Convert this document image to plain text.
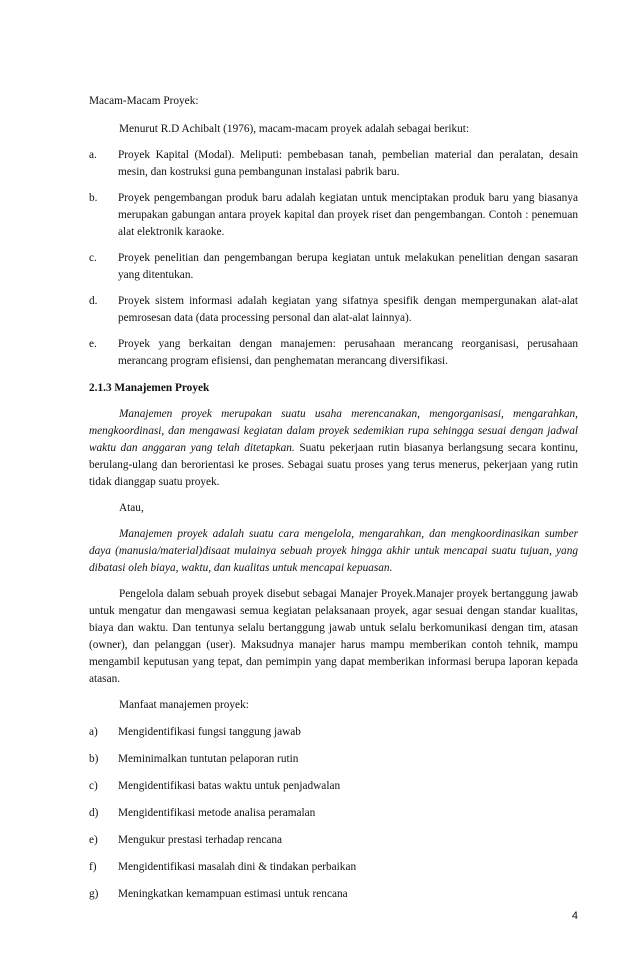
Macam-Macam Proyek:

Menurut R.D Achibalt (1976), macam-macam proyek adalah sebagai berikut:

a.	Proyek Kapital (Modal). Meliputi: pembebasan tanah, pembelian material dan peralatan, desain mesin, dan kostruksi guna pembangunan instalasi pabrik baru.
b.	Proyek pengembangan produk baru adalah kegiatan untuk menciptakan produk baru yang biasanya merupakan gabungan antara proyek kapital dan proyek riset dan pengembangan. Contoh : penemuan alat elektronik karaoke.
c.	Proyek penelitian dan pengembangan berupa kegiatan untuk melakukan penelitian dengan sasaran yang ditentukan.
d.	Proyek sistem informasi adalah kegiatan yang sifatnya spesifik dengan mempergunakan alat-alat pemrosesan data (data processing personal dan alat-alat lainnya).
e.	Proyek yang berkaitan dengan manajemen: perusahaan merancang reorganisasi, perusahaan merancang program efisiensi, dan penghematan merancang diversifikasi.

2.1.3 Manajemen Proyek

Manajemen proyek merupakan suatu usaha merencanakan, mengorganisasi, mengarahkan, mengkoordinasi, dan mengawasi kegiatan dalam proyek sedemikian rupa sehingga sesuai dengan jadwal waktu dan anggaran yang telah ditetapkan. Suatu pekerjaan rutin biasanya berlangsung secara kontinu, berulang-ulang dan berorientasi ke proses. Sebagai suatu proses yang terus menerus, pekerjaan yang rutin tidak dianggap suatu proyek.

Atau,

Manajemen proyek adalah suatu cara mengelola, mengarahkan, dan mengkoordinasikan sumber daya (manusia/material)disaat mulainya sebuah proyek hingga akhir untuk mencapai suatu tujuan, yang dibatasi oleh biaya, waktu, dan kualitas untuk mencapai kepuasan.

Pengelola dalam sebuah proyek disebut sebagai Manajer Proyek.Manajer proyek bertanggung jawab untuk mengatur dan mengawasi semua kegiatan pelaksanaan proyek, agar sesuai dengan standar kualitas, biaya dan waktu. Dan tentunya selalu bertanggung jawab untuk selalu berkomunikasi dengan tim, atasan (owner), dan pelanggan (user). Maksudnya manajer harus mampu memberikan contoh tehnik, mampu mengambil keputusan yang tepat, dan pemimpin yang dapat memberikan informasi berupa laporan kepada atasan.

Manfaat manajemen proyek:

a)	Mengidentifikasi fungsi tanggung jawab
b)	Meminimalkan tuntutan pelaporan rutin
c)	Mengidentifikasi batas waktu untuk penjadwalan
d)	Mengidentifikasi metode analisa peramalan
e)	Mengukur prestasi terhadap rencana
f)	Mengidentifikasi masalah dini & tindakan perbaikan
g)	Meningkatkan kemampuan estimasi untuk rencana
4
